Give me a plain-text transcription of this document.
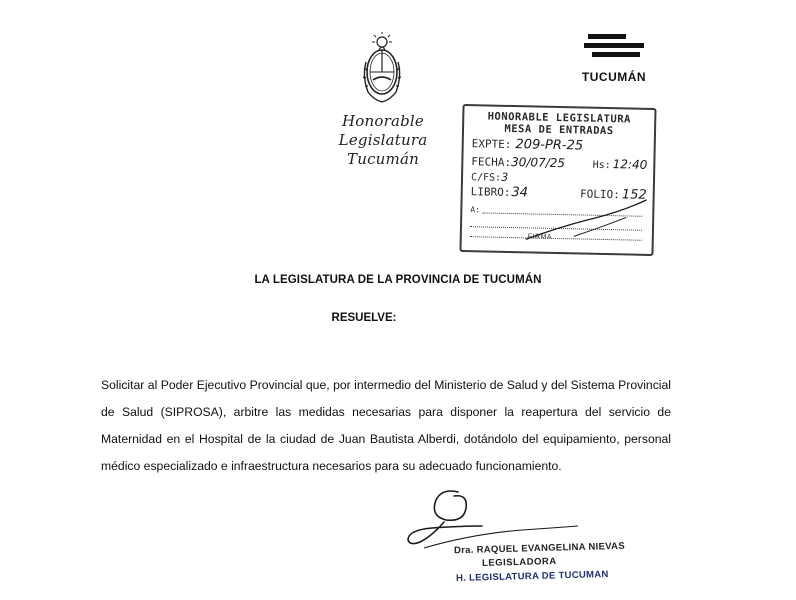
Honorable Legislatura
Tucumán
TUCUMÁN
HONORABLE LEGISLATURA
MESA DE ENTRADAS
EXPTE: 209-PR-25
FECHA:30/07/25	Hs: 12:40
C/FS:3
LIBRO:34	FOLIO: 152
A:
FIRMA
LA LEGISLATURA DE LA PROVINCIA DE TUCUMÁN
RESUELVE:
Solicitar al Poder Ejecutivo Provincial que, por intermedio del Ministerio de Salud y del Sistema Provincial de Salud (SIPROSA), arbitre las medidas necesarias para disponer la reapertura del servicio de Maternidad en el Hospital de la ciudad de Juan Bautista Alberdi, dotándolo del equipamiento, personal médico especializado e infraestructura necesarios para su adecuado funcionamiento.
Dra. RAQUEL EVANGELINA NIEVAS
LEGISLADORA
H. LEGISLATURA DE TUCUMAN
